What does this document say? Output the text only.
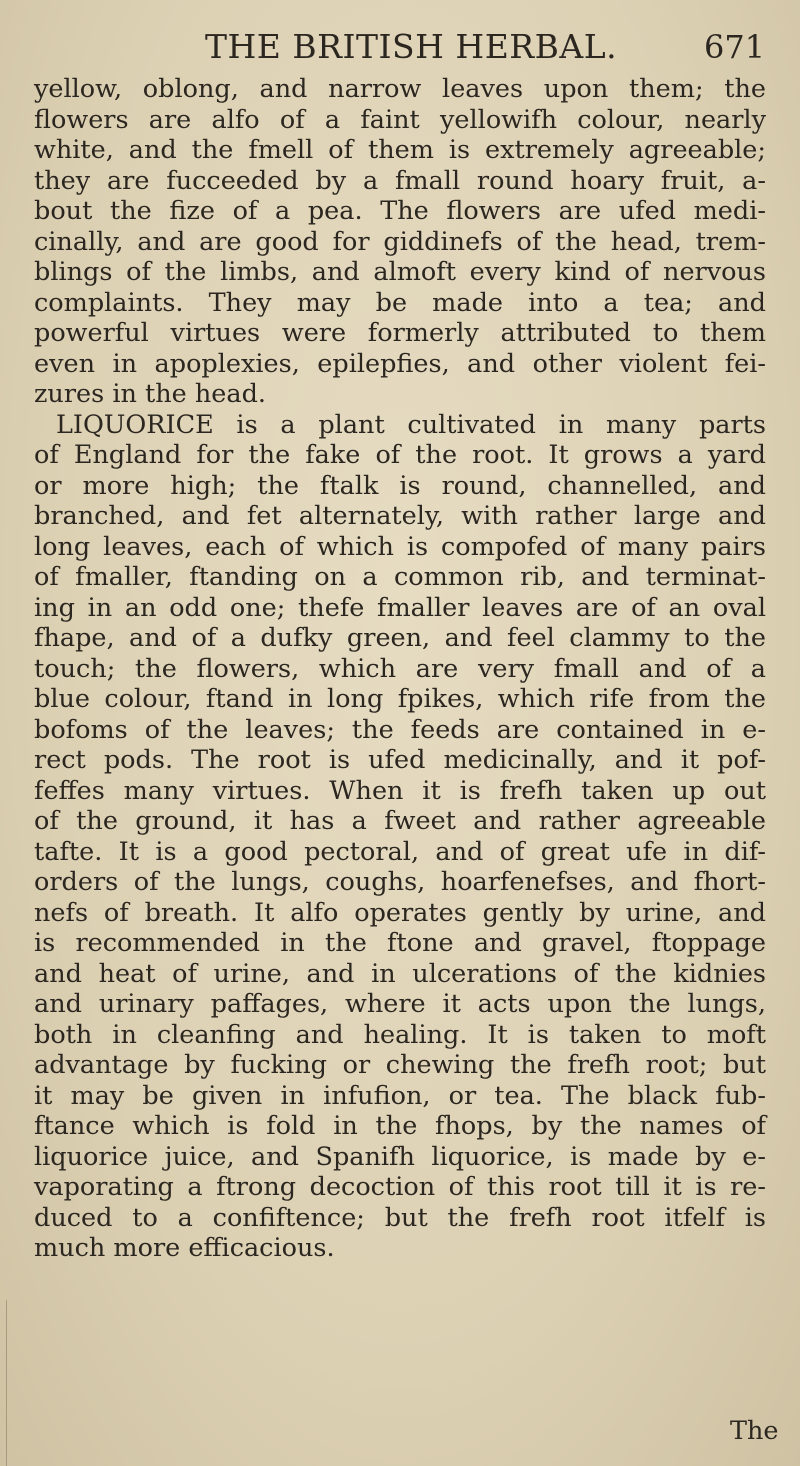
THE BRITISH HERBAL.	671
yellow, oblong, and narrow leaves upon them; the
flowers are alfo of a faint yellowifh colour, nearly
white, and the fmell of them is extremely agreeable;
they are fucceeded by a fmall round hoary fruit, a-
bout the fize of a pea. The flowers are ufed medi-
cinally, and are good for giddinefs of the head, trem-
blings of the limbs, and almoft every kind of nervous
complaints. They may be made into a tea; and
powerful virtues were formerly attributed to them
even in apoplexies, epilepfies, and other violent fei-
zures in the head.
LIQUORICE is a plant cultivated in many parts
of England for the fake of the root. It grows a yard
or more high; the ftalk is round, channelled, and
branched, and fet alternately, with rather large and
long leaves, each of which is compofed of many pairs
of fmaller, ftanding on a common rib, and terminat-
ing in an odd one; thefe fmaller leaves are of an oval
fhape, and of a dufky green, and feel clammy to the
touch; the flowers, which are very fmall and of a
blue colour, ftand in long fpikes, which rife from the
bofoms of the leaves; the feeds are contained in e-
rect pods. The root is ufed medicinally, and it pof-
feffes many virtues. When it is frefh taken up out
of the ground, it has a fweet and rather agreeable
tafte. It is a good pectoral, and of great ufe in dif-
orders of the lungs, coughs, hoarfenefses, and fhort-
nefs of breath. It alfo operates gently by urine, and
is recommended in the ftone and gravel, ftoppage
and heat of urine, and in ulcerations of the kidnies
and urinary paffages, where it acts upon the lungs,
both in cleanfing and healing. It is taken to moft
advantage by fucking or chewing the frefh root; but
it may be given in infufion, or tea. The black fub-
ftance which is fold in the fhops, by the names of
liquorice juice, and Spanifh liquorice, is made by e-
vaporating a ftrong decoction of this root till it is re-
duced to a confiftence; but the frefh root itfelf is
much more efficacious.
The
